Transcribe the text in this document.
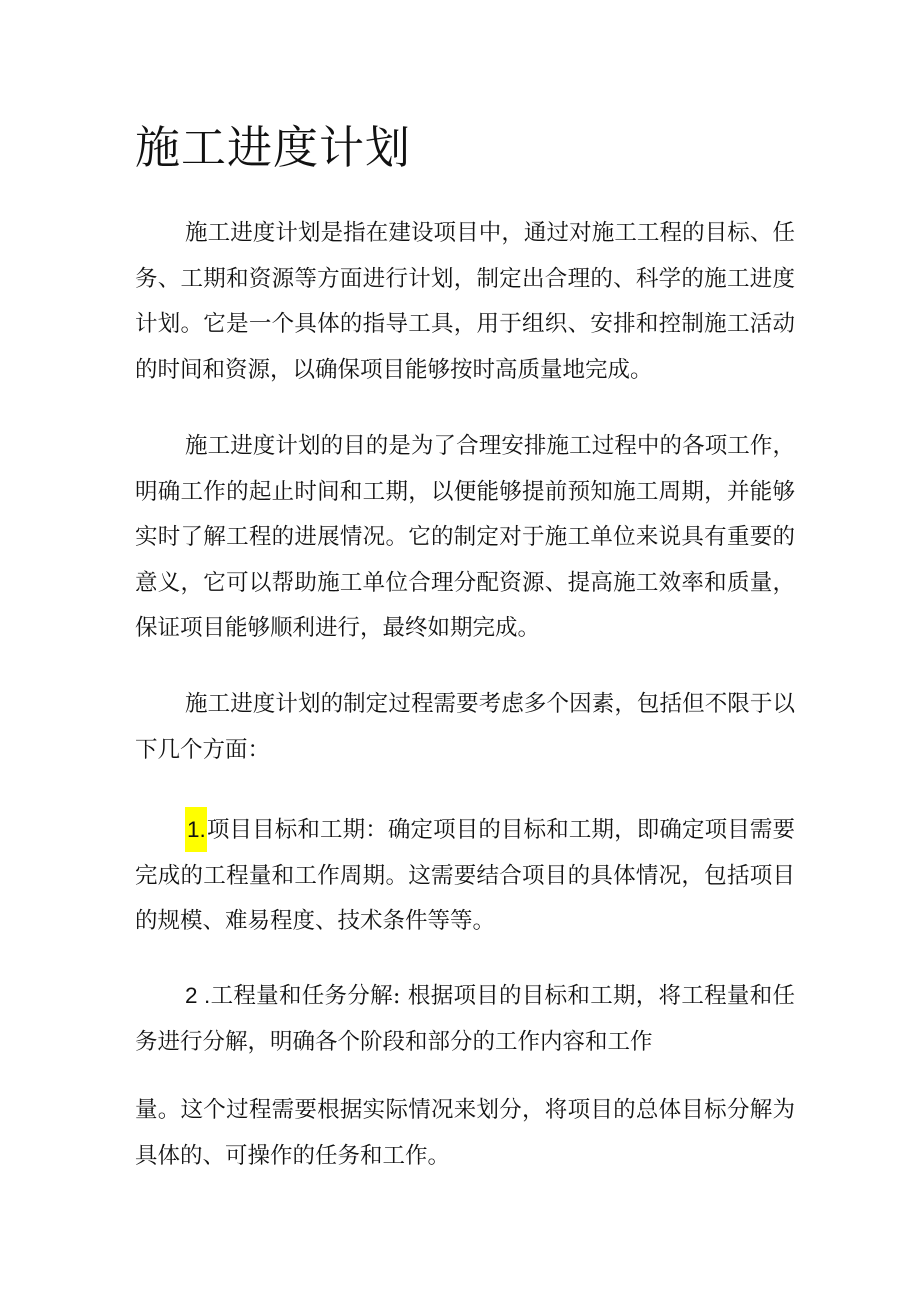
施工进度计划

施工进度计划是指在建设项目中，通过对施工工程的目标、任务、工期和资源等方面进行计划，制定出合理的、科学的施工进度计划。它是一个具体的指导工具，用于组织、安排和控制施工活动的时间和资源，以确保项目能够按时高质量地完成。

施工进度计划的目的是为了合理安排施工过程中的各项工作，明确工作的起止时间和工期，以便能够提前预知施工周期，并能够实时了解工程的进展情况。它的制定对于施工单位来说具有重要的意义，它可以帮助施工单位合理分配资源、提高施工效率和质量，保证项目能够顺利进行，最终如期完成。

施工进度计划的制定过程需要考虑多个因素，包括但不限于以下几个方面：

1.项目目标和工期：确定项目的目标和工期，即确定项目需要完成的工程量和工作周期。这需要结合项目的具体情况，包括项目的规模、难易程度、技术条件等等。

2 .工程量和任务分解: 根据项目的目标和工期，将工程量和任务进行分解，明确各个阶段和部分的工作内容和工作

量。这个过程需要根据实际情况来划分，将项目的总体目标分解为具体的、可操作的任务和工作。
